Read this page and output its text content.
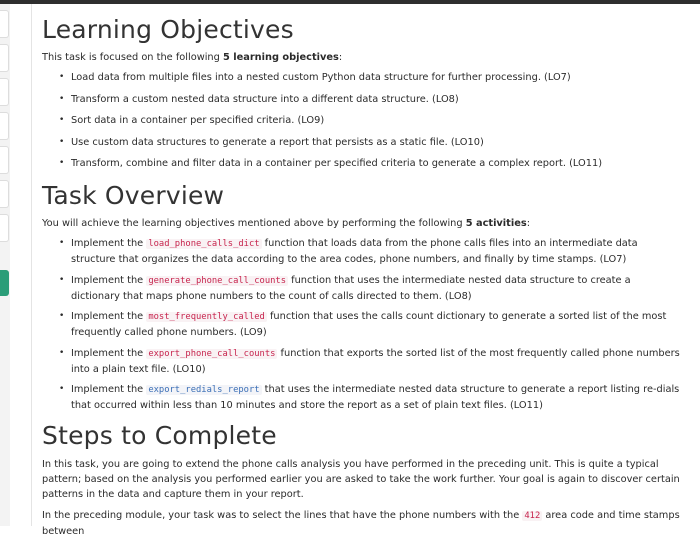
Learning Objectives

This task is focused on the following 5 learning objectives:

• Load data from multiple files into a nested custom Python data structure for further processing. (LO7)
• Transform a custom nested data structure into a different data structure. (LO8)
• Sort data in a container per specified criteria. (LO9)
• Use custom data structures to generate a report that persists as a static file. (LO10)
• Transform, combine and filter data in a container per specified criteria to generate a complex report. (LO11)
Task Overview

You will achieve the learning objectives mentioned above by performing the following 5 activities:

• Implement the load_phone_calls_dict function that loads data from the phone calls files into an intermediate data structure that organizes the data according to the area codes, phone numbers, and finally by time stamps. (LO7)
• Implement the generate_phone_call_counts function that uses the intermediate nested data structure to create a dictionary that maps phone numbers to the count of calls directed to them. (LO8)
• Implement the most_frequently_called function that uses the calls count dictionary to generate a sorted list of the most frequently called phone numbers. (LO9)
• Implement the export_phone_call_counts function that exports the sorted list of the most frequently called phone numbers into a plain text file. (LO10)
• Implement the export_redials_report that uses the intermediate nested data structure to generate a report listing re-dials that occurred within less than 10 minutes and store the report as a set of plain text files. (LO11)
Steps to Complete

In this task, you are going to extend the phone calls analysis you have performed in the preceding unit. This is quite a typical pattern; based on the analysis you performed earlier you are asked to take the work further. Your goal is again to discover certain patterns in the data and capture them in your report.

In the preceding module, your task was to select the lines that have the phone numbers with the 412 area code and time stamps between
